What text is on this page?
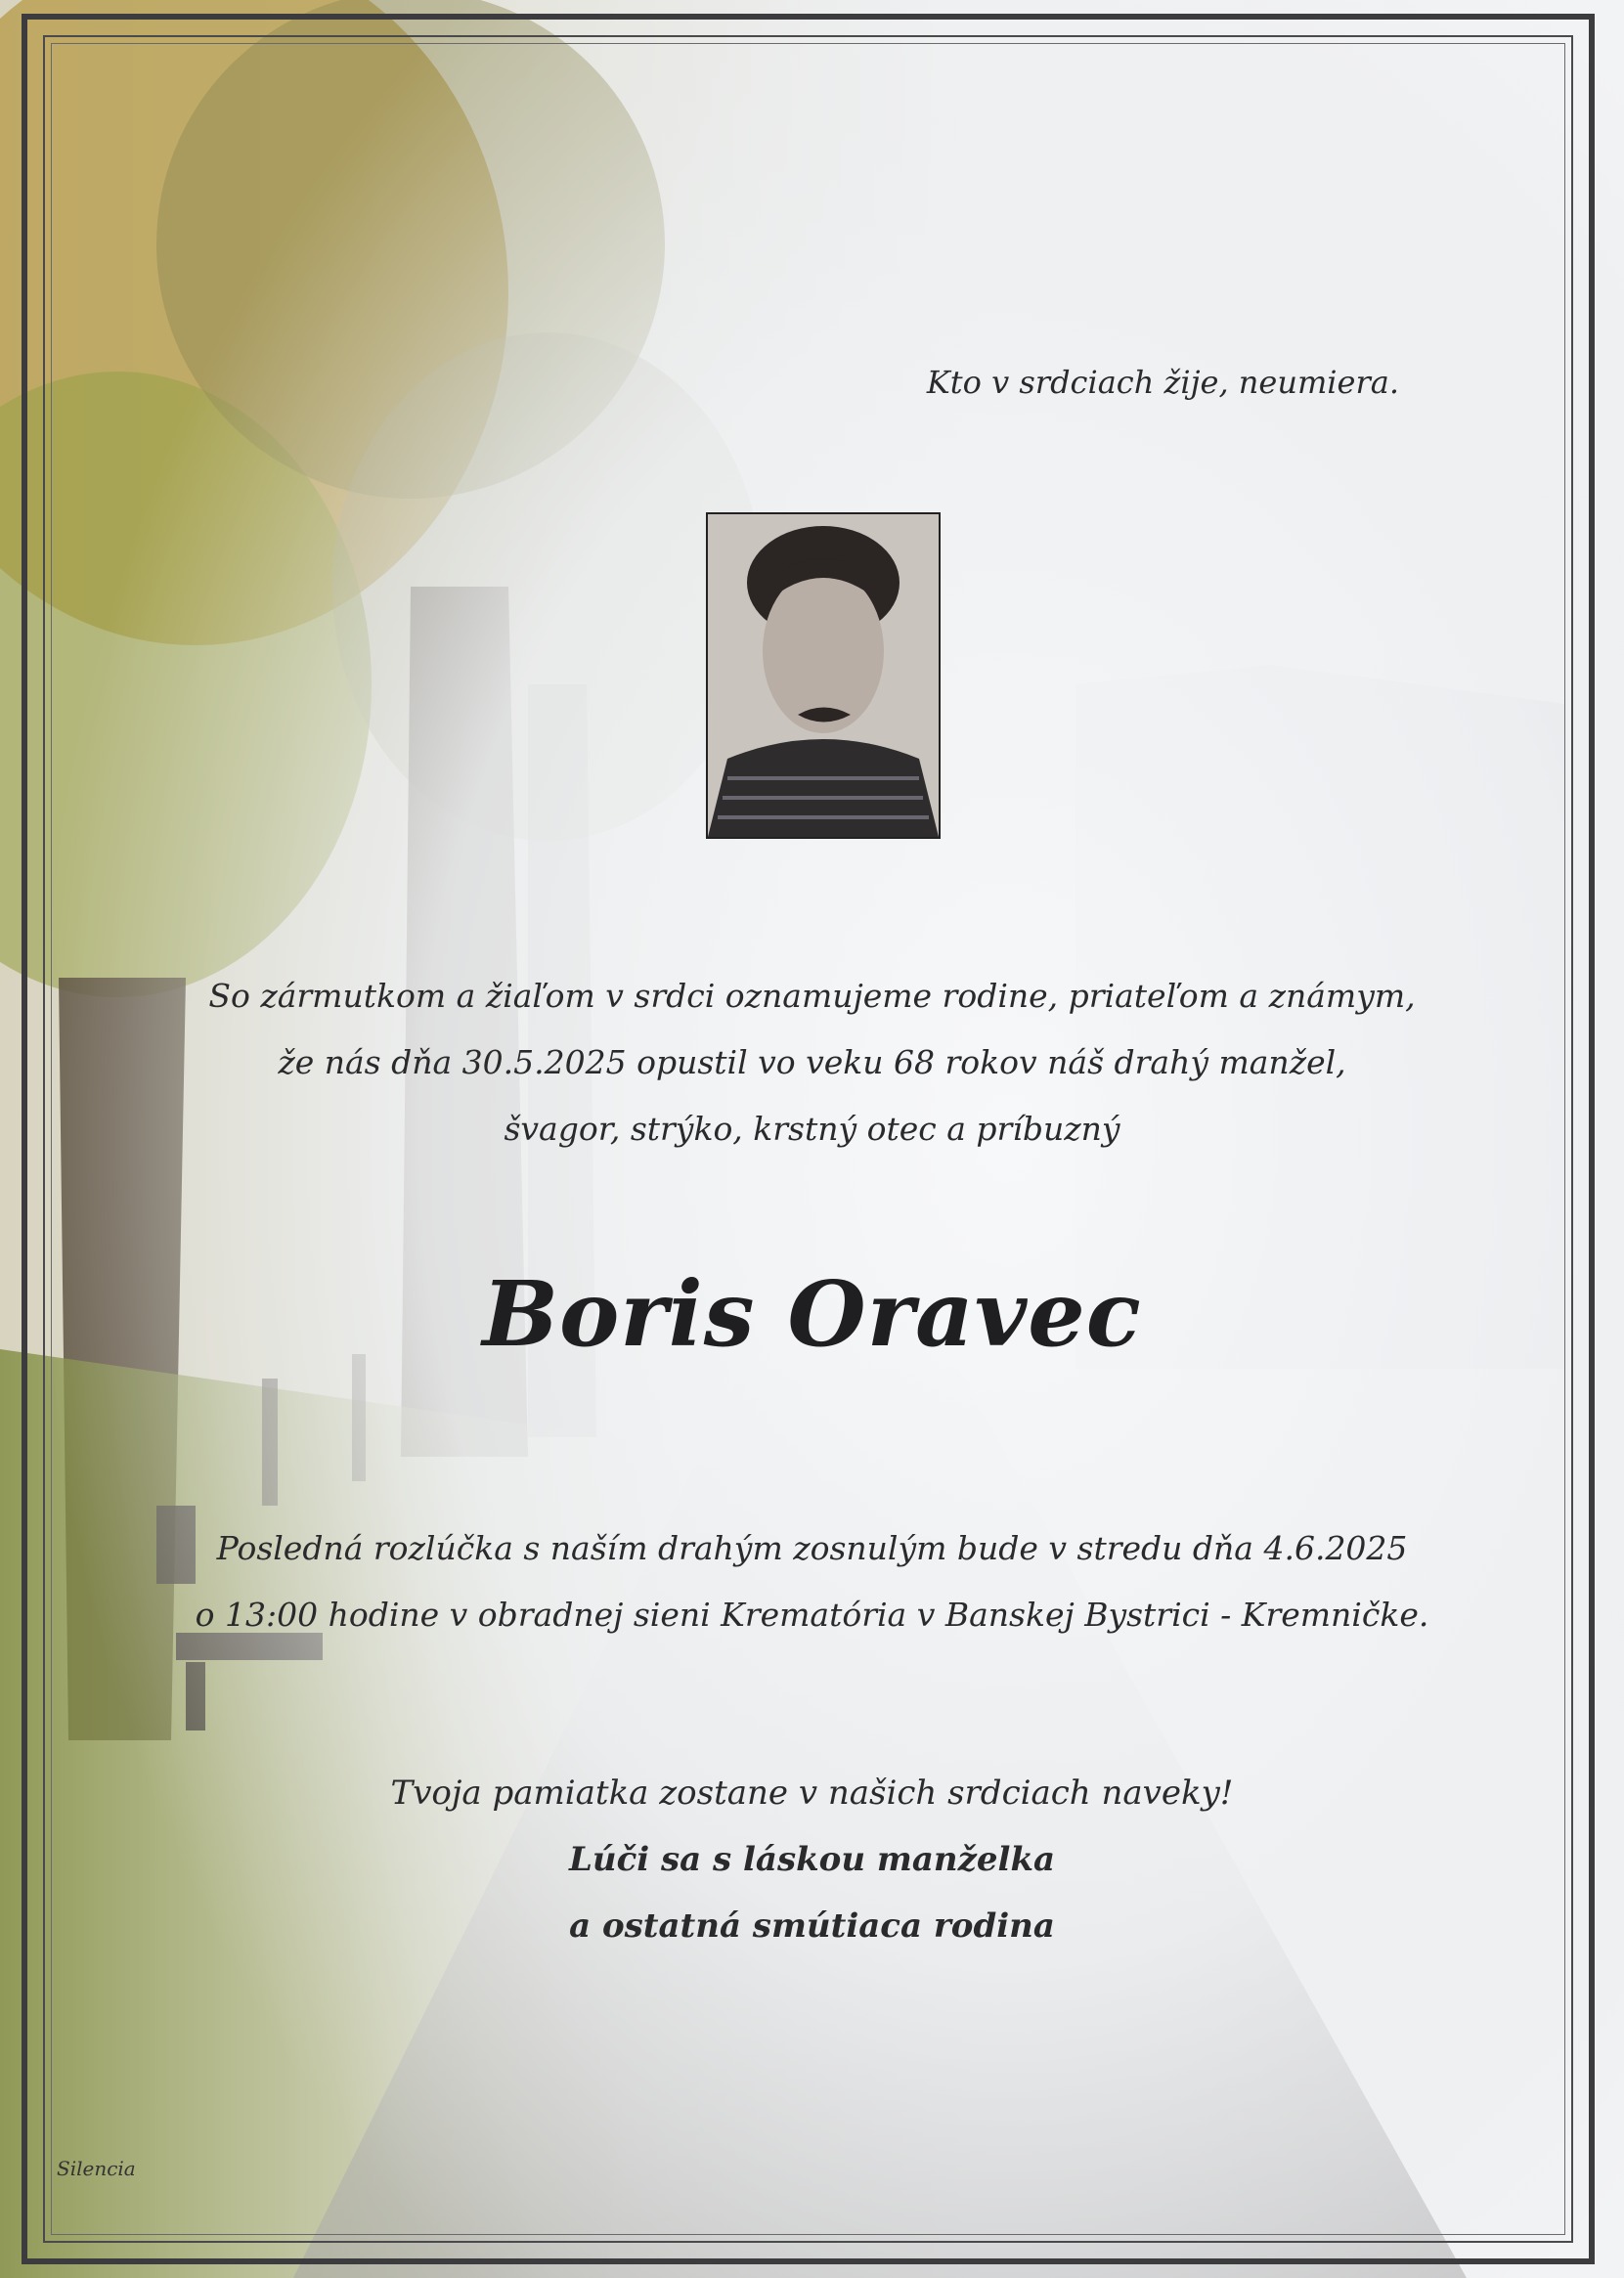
Kto v srdciach žije, neumiera.
So zármutkom a žiaľom v srdci oznamujeme rodine, priateľom a známym,
že nás dňa 30.5.2025 opustil vo veku 68 rokov náš drahý manžel,
švagor, strýko, krstný otec a príbuzný
Boris Oravec
Posledná rozlúčka s naším drahým zosnulým bude v stredu dňa 4.6.2025
o 13:00 hodine v obradnej sieni Krematória v Banskej Bystrici - Kremničke.
Tvoja pamiatka zostane v našich srdciach naveky!
Lúči sa s láskou manželka
a ostatná smútiaca rodina
Silencia
